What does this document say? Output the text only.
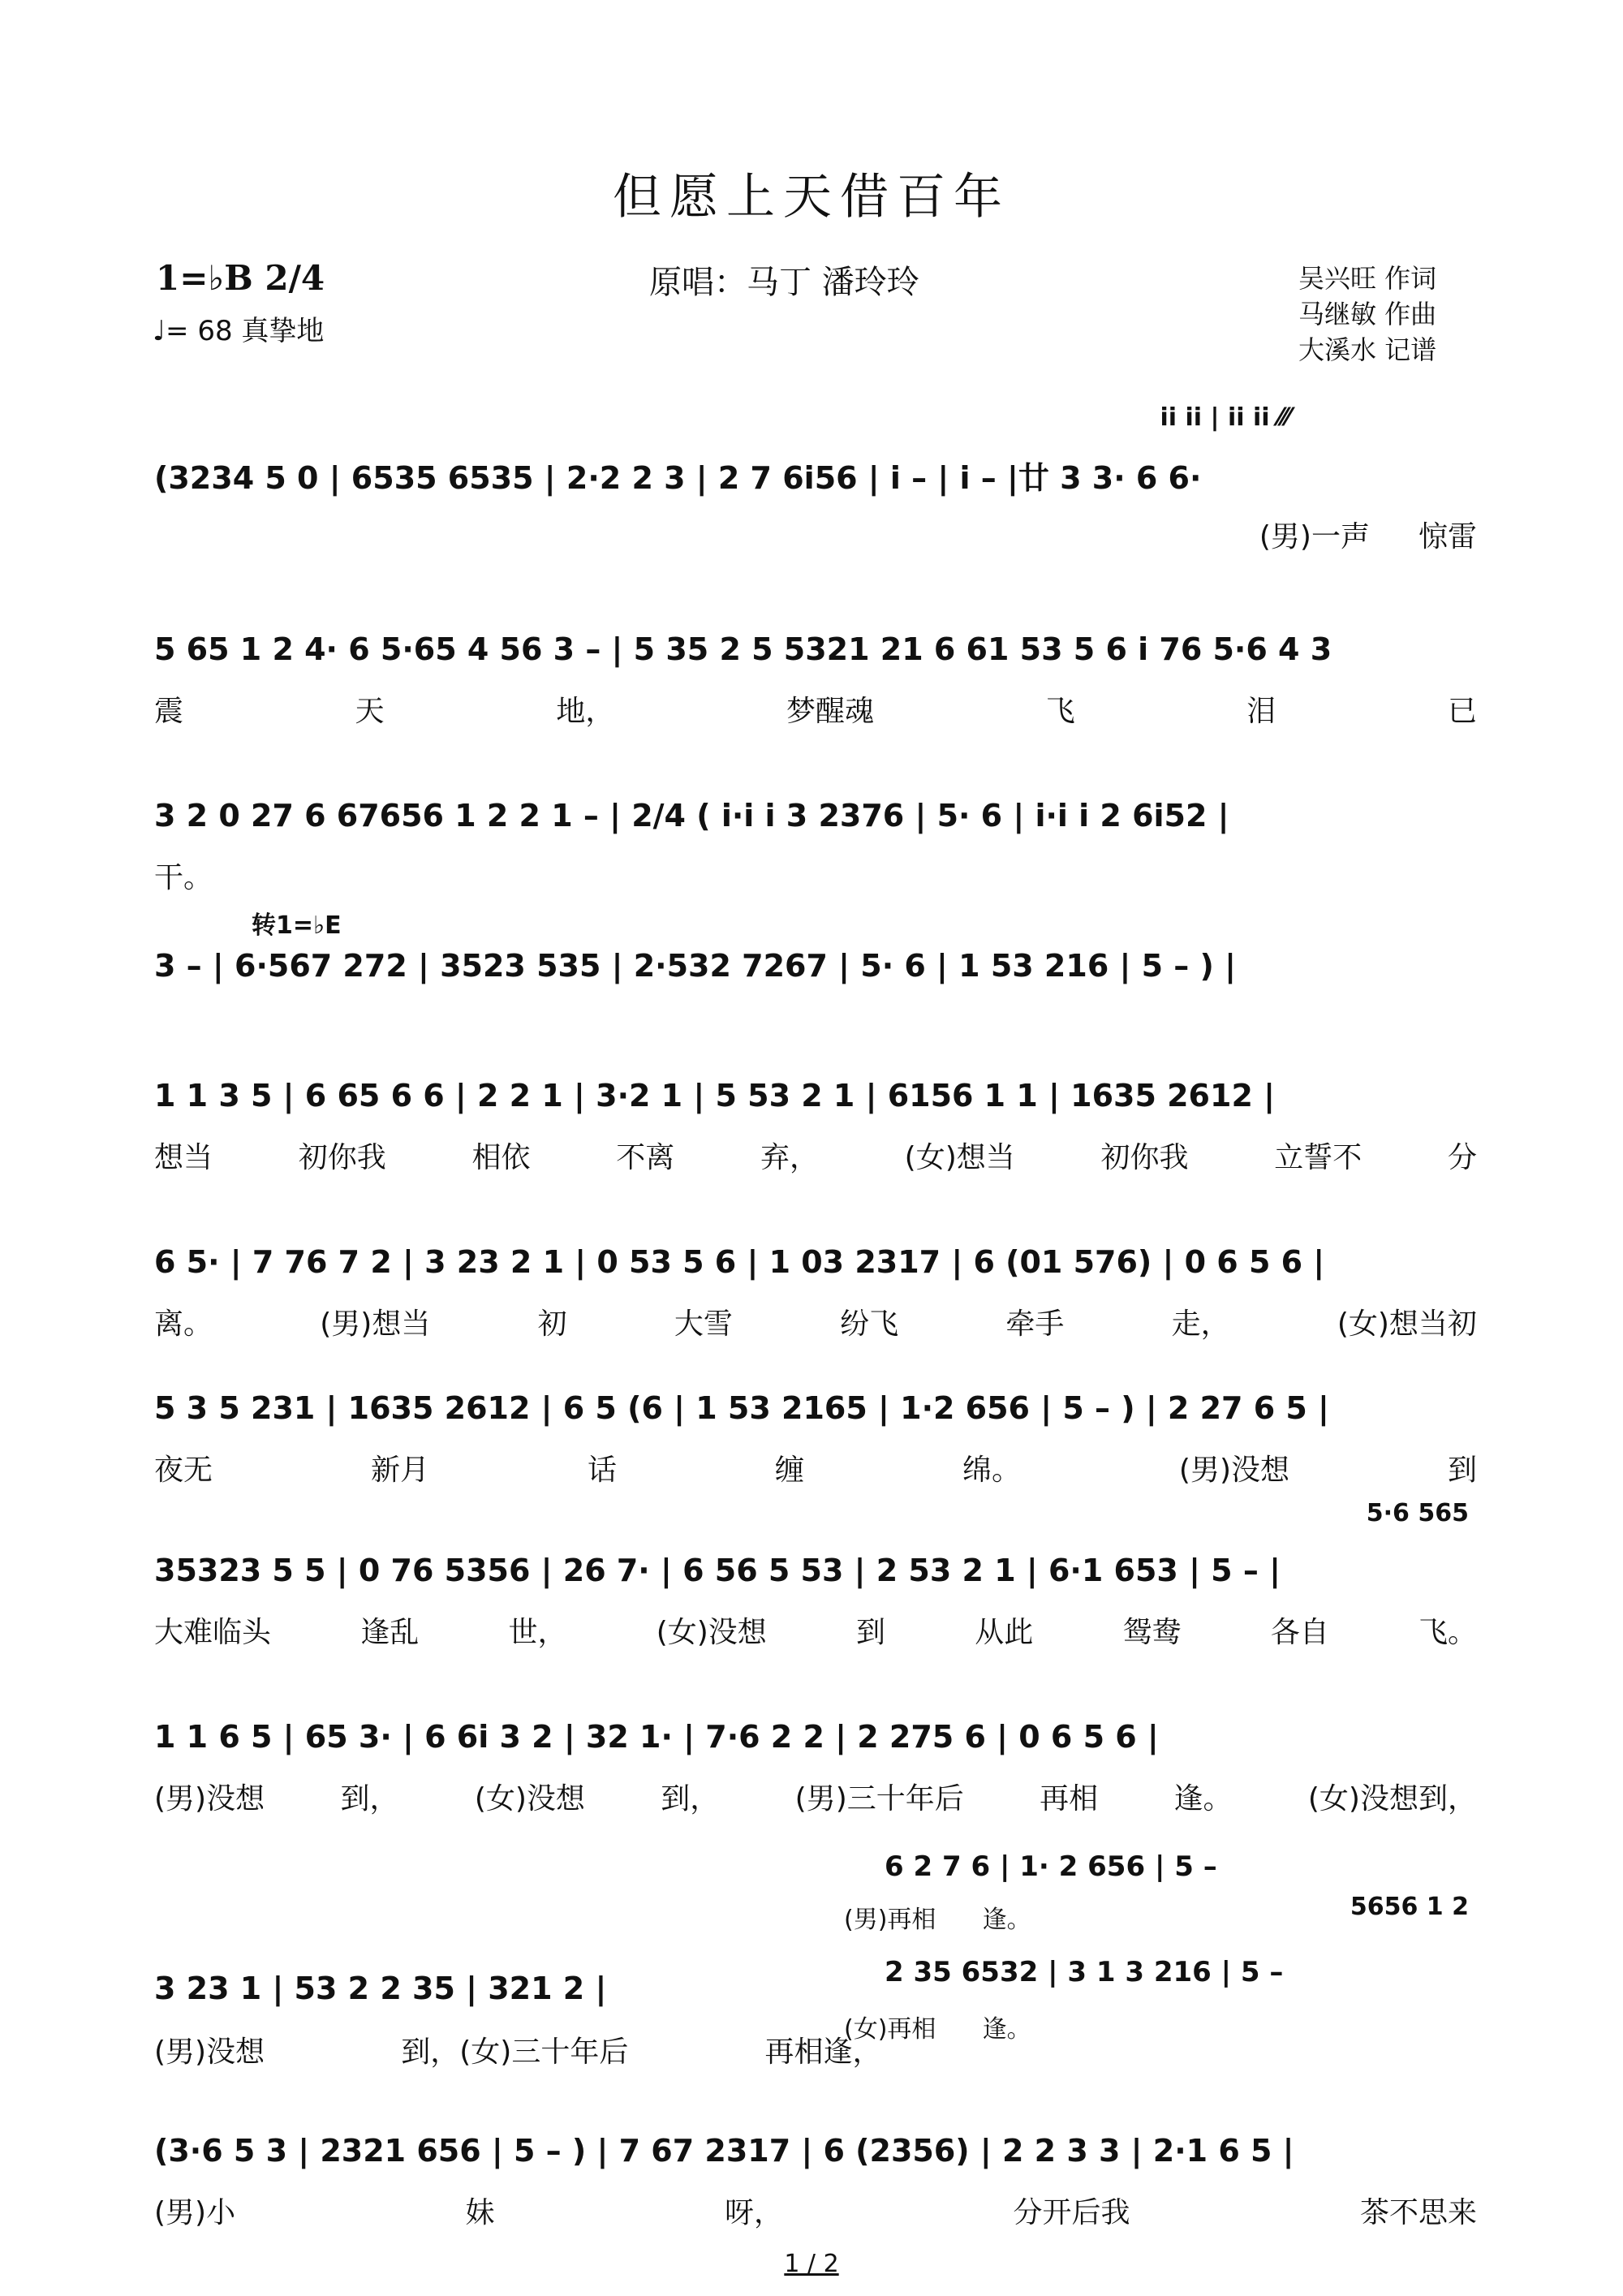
但愿上天借百年
1=♭B 2/4
♩= 68 真挚地
原唱：马丁 潘玲玲	吴兴旺 作词
马继敏 作曲
大溪水 记谱
(3234 5 0 | 6535 6535 | 2·2 2 3 | 2 7 6i56 | i – | i – |廿 3 3· 6 6·
ii ii | ii ii ⁄⁄⁄
(男)一声 惊雷
5 65 1 2 4· 6 5·65 4 56 3 – | 5 35 2 5 5321 21 6 61 53 5 6 i 76 5·6 4 3
震	天	地，	梦醒魂	飞	泪	已
3 2 0 27 6 67656 1 2 2 1 – | 2/4 ( i·i i 3 2376 | 5· 6 | i·i i 2 6i52 |
干。
3 – | 6·567 272 | 3523 535 | 2·532 7267 | 5· 6 | 1 53 216 | 5 – ) |
转1=♭E
1 1 3 5 | 6 65 6 6 | 2 2 1 | 3·2 1 | 5 53 2 1 | 6156 1 1 | 1635 2612 |
想当	初你我	相依	不离	弃，	(女)想当	初你我	立誓不	分
6 5· | 7 76 7 2 | 3 23 2 1 | 0 53 5 6 | 1 03 2317 | 6 (01 576) | 0 6 5 6 |
离。	(男)想当	初	大雪	纷飞	牵手	走，	(女)想当初
5 3 5 231 | 1635 2612 | 6 5 (6 | 1 53 2165 | 1·2 656 | 5 – ) | 2 27 6 5 |
夜无	新月	话	缠	绵。	(男)没想	到
35323 5 5 | 0 76 5356 | 26 7· | 6 56 5 53 | 2 53 2 1 | 6·1 653 | 5 – |
5·6 565
大难临头	逢乱	世，	(女)没想	到	从此	鸳鸯	各自	飞。
1 1 6 5 | 65 3· | 6 6i 3 2 | 32 1· | 7·6 2 2 | 2 275 6 | 0 6 5 6 |
(男)没想	到，	(女)没想	到，	(男)三十年后	再相	逢。	(女)没想到，
3 23 1 | 53 2 2 35 | 321 2 |
5656 1 2
6 2 7 6 | 1· 2 656 | 5 –
(男)再相      逢。
2 35 6532 | 3 1 3 216 | 5 –
(女)再相      逢。
(男)没想	到，(女)三十年后	再相逢，
(3·6 5 3 | 2321 656 | 5 – ) | 7 67 2317 | 6 (2356) | 2 2 3 3 | 2·1 6 5 |
(男)小	妹	呀，	分开后我	茶不思来
1 / 2
